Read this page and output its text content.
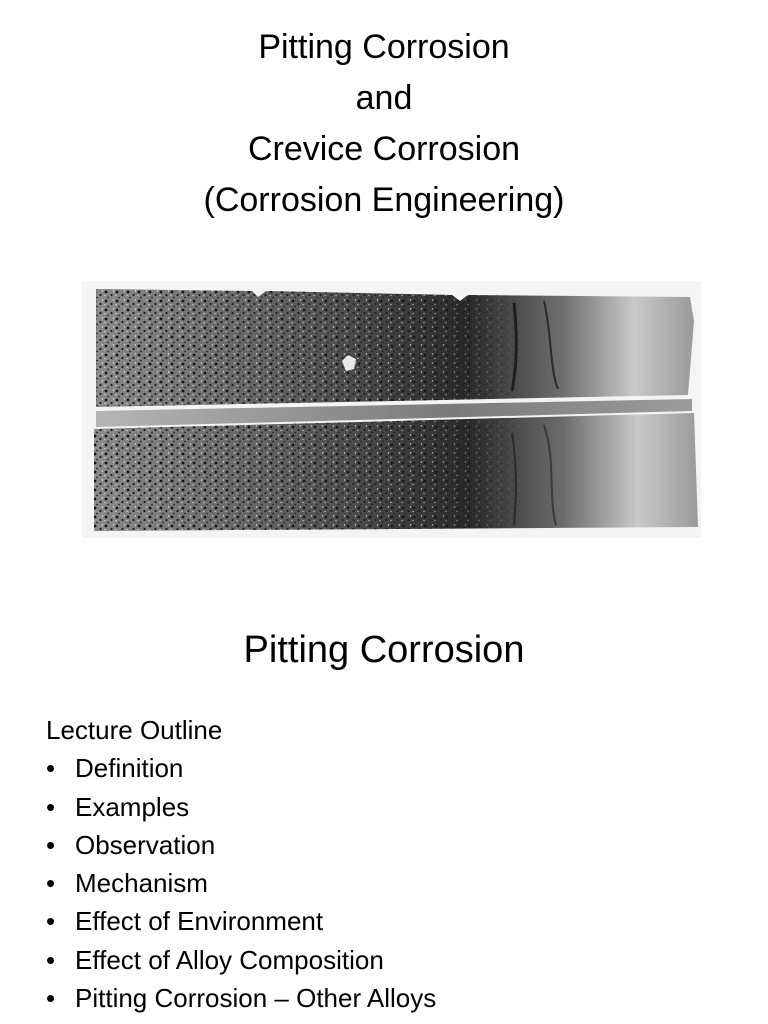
Pitting Corrosion
and
Crevice Corrosion
(Corrosion Engineering)
Pitting Corrosion
Lecture Outline
• Definition
• Examples
• Observation
• Mechanism
• Effect of Environment
• Effect of Alloy Composition
• Pitting Corrosion – Other Alloys
